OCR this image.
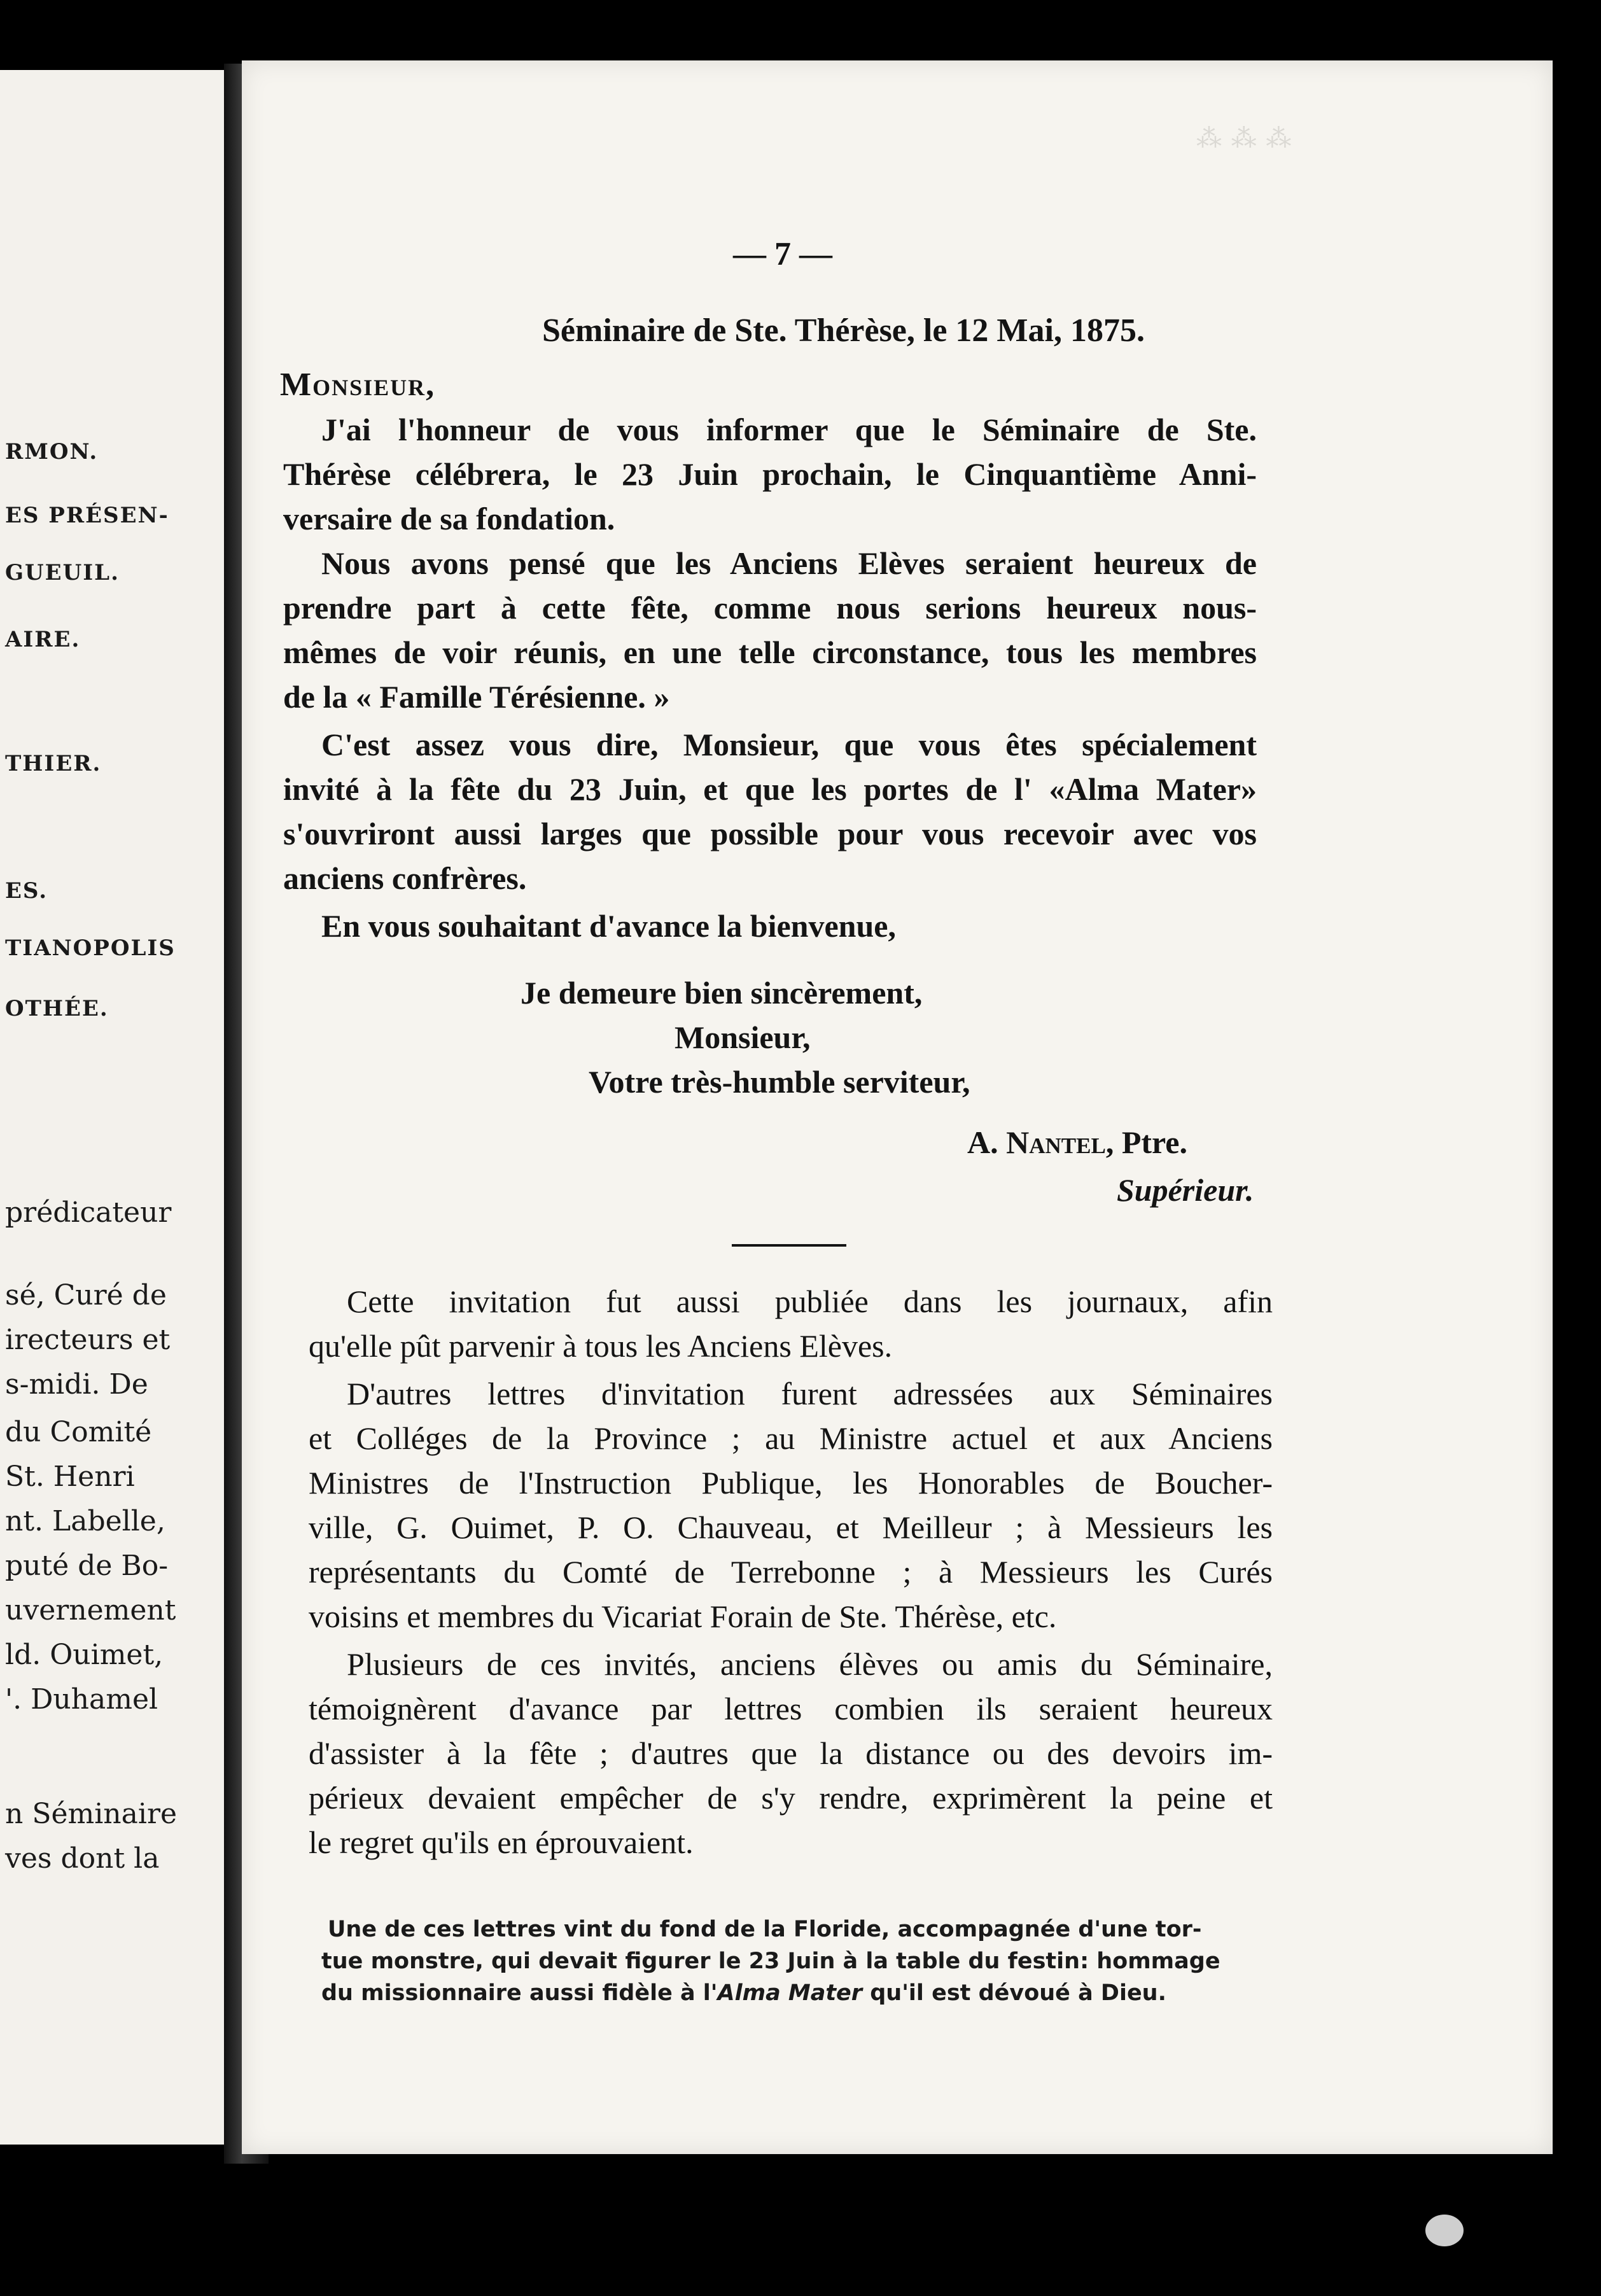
RMON.
ES PRÉSEN-
GUEUIL.
AIRE.
THIER.
ES.
TIANOPOLIS
OTHÉE.
prédicateur
sé, Curé de
irecteurs et
s-midi. De
du Comité
St. Henri
nt. Labelle,
puté de Bo-
uvernement
ld. Ouimet,
'. Duhamel
n Séminaire
ves dont la
⁂ ⁂ ⁂
— 7 —
Séminaire de Ste. Thérèse, le 12 Mai, 1875.
Monsieur,
J'ai l'honneur de vous informer que le Séminaire de Ste.
Thérèse célébrera, le 23 Juin prochain, le Cinquantième Anni-
versaire de sa fondation.
Nous avons pensé que les Anciens Elèves seraient heureux de
prendre part à cette fête, comme nous serions heureux nous-
mêmes de voir réunis, en une telle circonstance, tous les membres
de la « Famille Térésienne. »
C'est assez vous dire, Monsieur, que vous êtes spécialement
invité à la fête du 23 Juin, et que les portes de l' «Alma Mater»
s'ouvriront aussi larges que possible pour vous recevoir avec vos
anciens confrères.
En vous souhaitant d'avance la bienvenue,
Je demeure bien sincèrement,
Monsieur,
Votre très-humble serviteur,
A. Nantel, Ptre.
Supérieur.
Cette invitation fut aussi publiée dans les journaux, afin
qu'elle pût parvenir à tous les Anciens Elèves.
D'autres lettres d'invitation furent adressées aux Séminaires
et Colléges de la Province ; au Ministre actuel et aux Anciens
Ministres de l'Instruction Publique, les Honorables de Boucher-
ville, G. Ouimet, P. O. Chauveau, et Meilleur ; à Messieurs les
représentants du Comté de Terrebonne ; à Messieurs les Curés
voisins et membres du Vicariat Forain de Ste. Thérèse, etc.
Plusieurs de ces invités, anciens élèves ou amis du Séminaire,
témoignèrent d'avance par lettres combien ils seraient heureux
d'assister à la fête ; d'autres que la distance ou des devoirs im-
périeux devaient empêcher de s'y rendre, exprimèrent la peine et
le regret qu'ils en éprouvaient.
Une de ces lettres vint du fond de la Floride, accompagnée d'une tor-
tue monstre, qui devait figurer le 23 Juin à la table du festin: hommage
du missionnaire aussi fidèle à l'Alma Mater qu'il est dévoué à Dieu.
